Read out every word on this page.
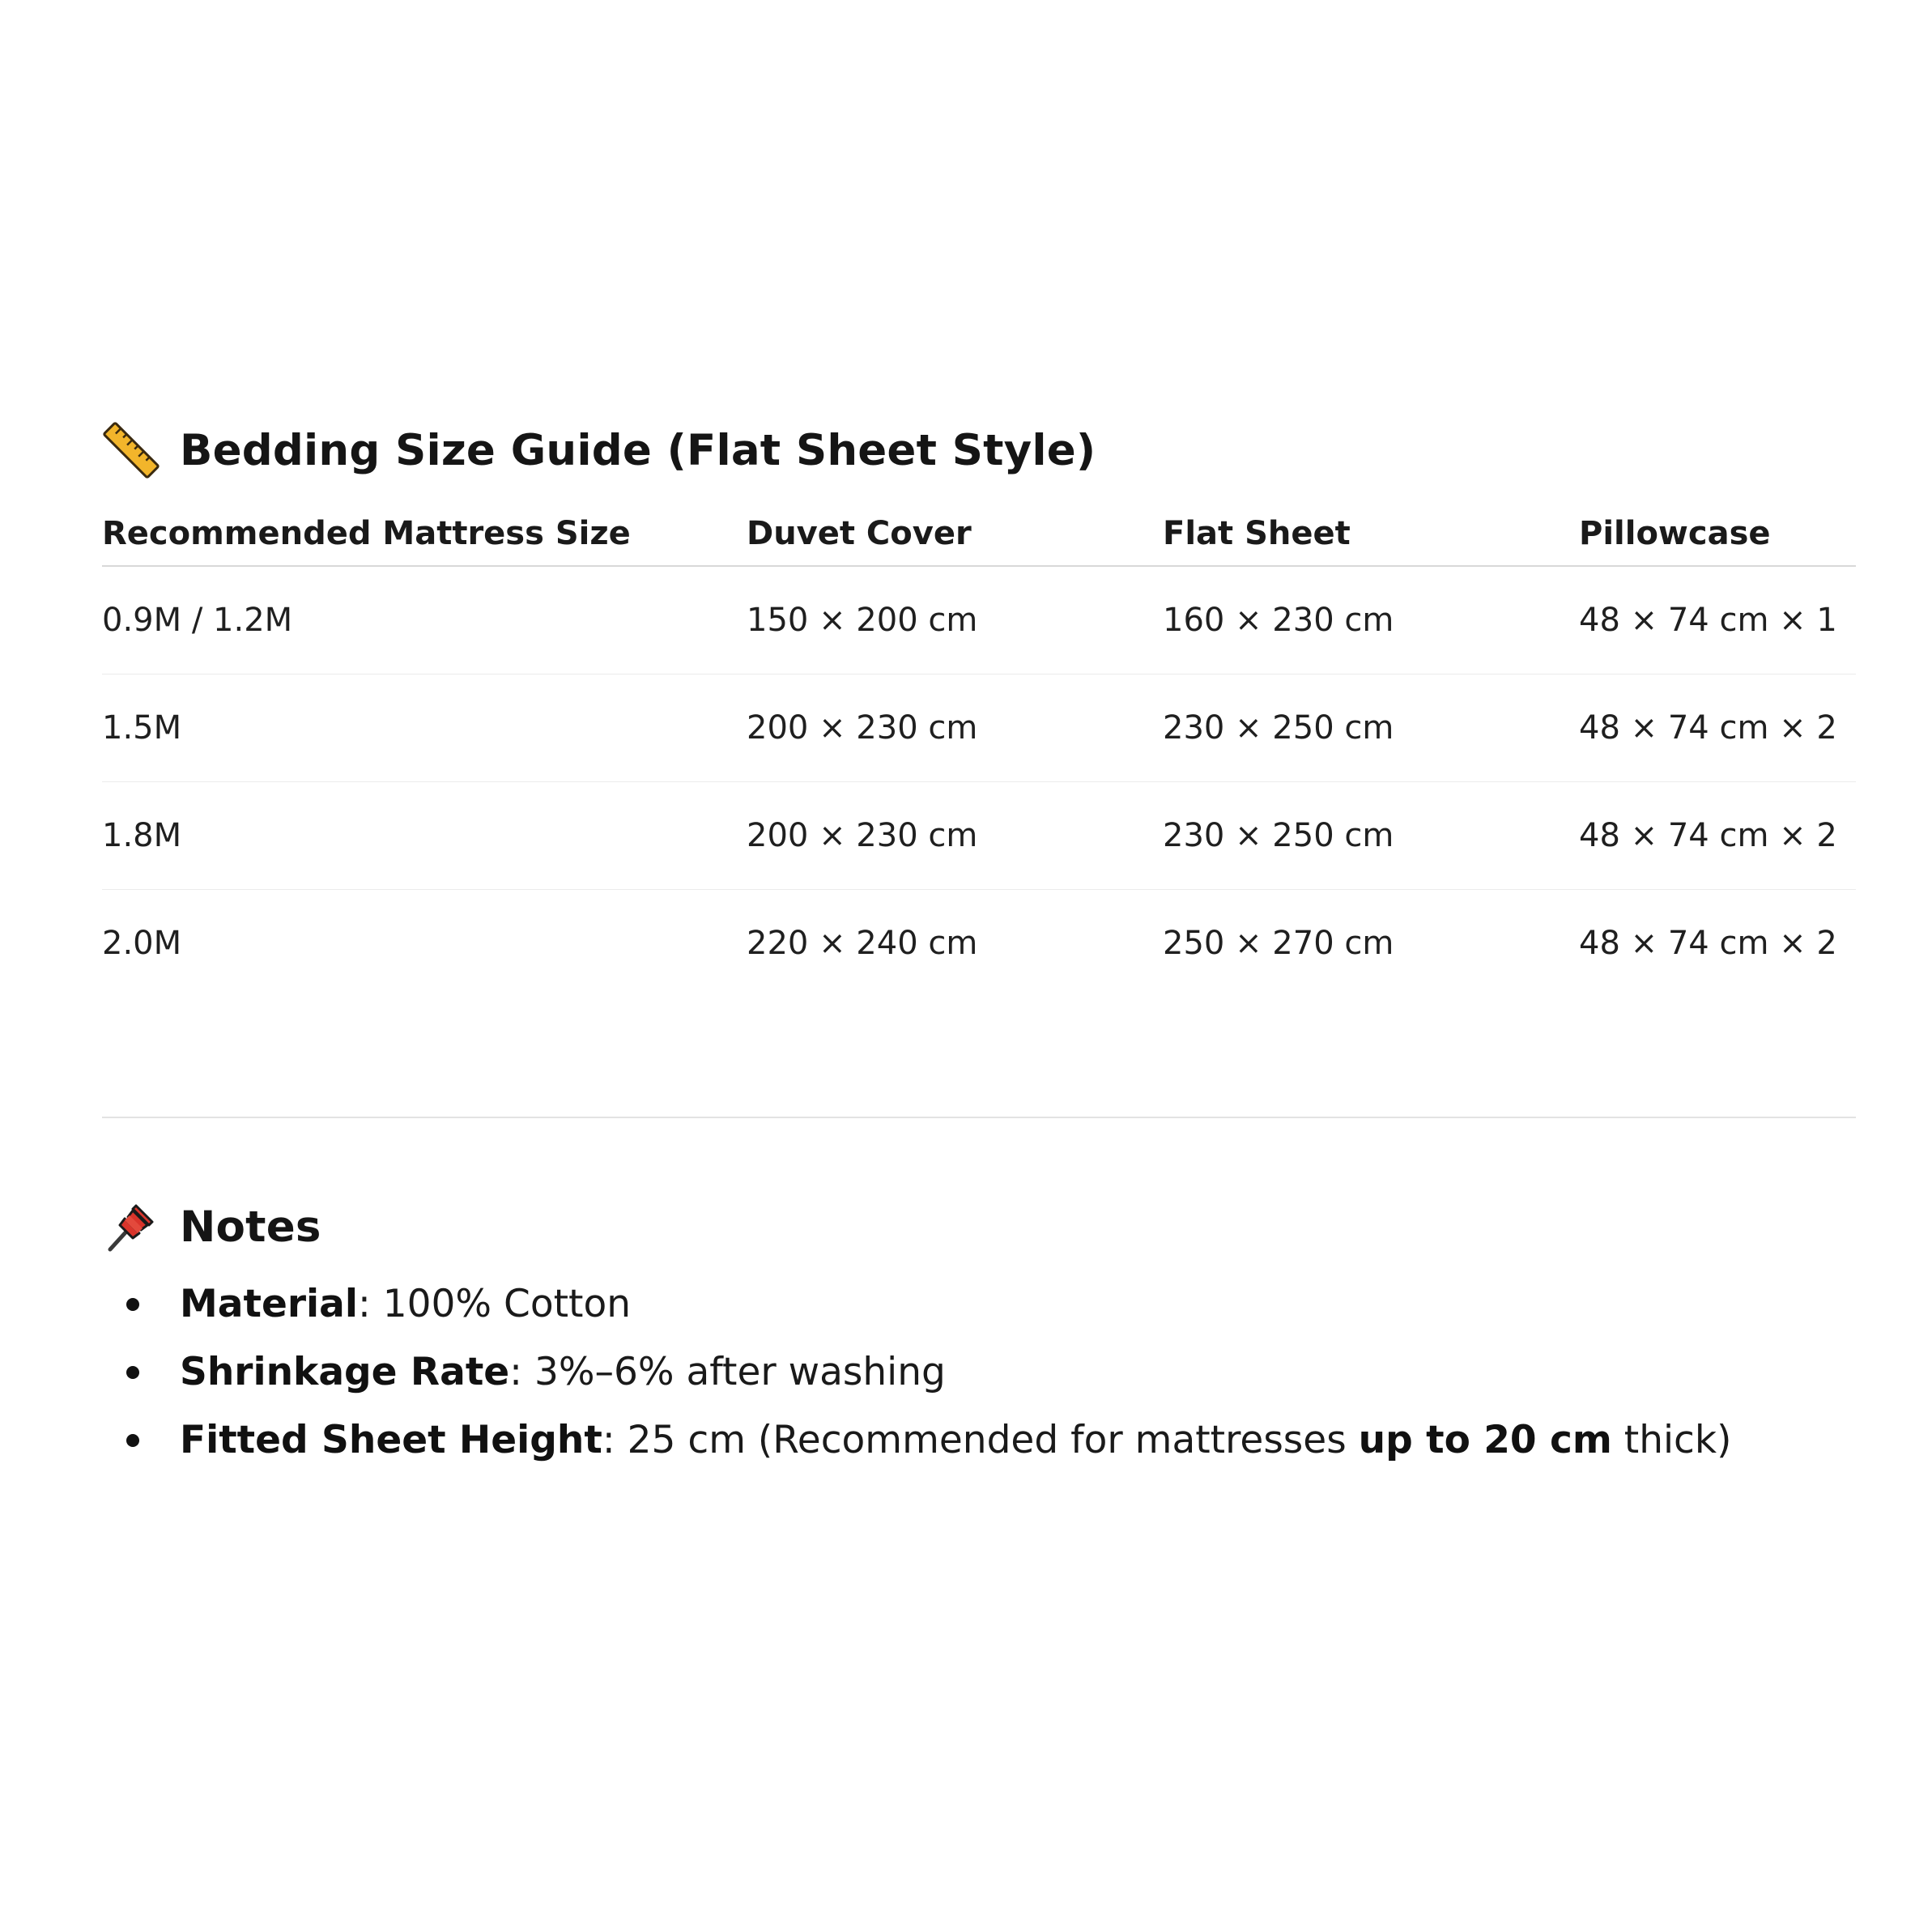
Bedding Size Guide (Flat Sheet Style)
Recommended Mattress Size	Duvet Cover	Flat Sheet	Pillowcase
0.9M / 1.2M	150 × 200 cm	160 × 230 cm	48 × 74 cm × 1
1.5M	200 × 230 cm	230 × 250 cm	48 × 74 cm × 2
1.8M	200 × 230 cm	230 × 250 cm	48 × 74 cm × 2
2.0M	220 × 240 cm	250 × 270 cm	48 × 74 cm × 2
Notes
Material: 100% Cotton
Shrinkage Rate: 3%–6% after washing
Fitted Sheet Height: 25 cm (Recommended for mattresses up to 20 cm thick)
